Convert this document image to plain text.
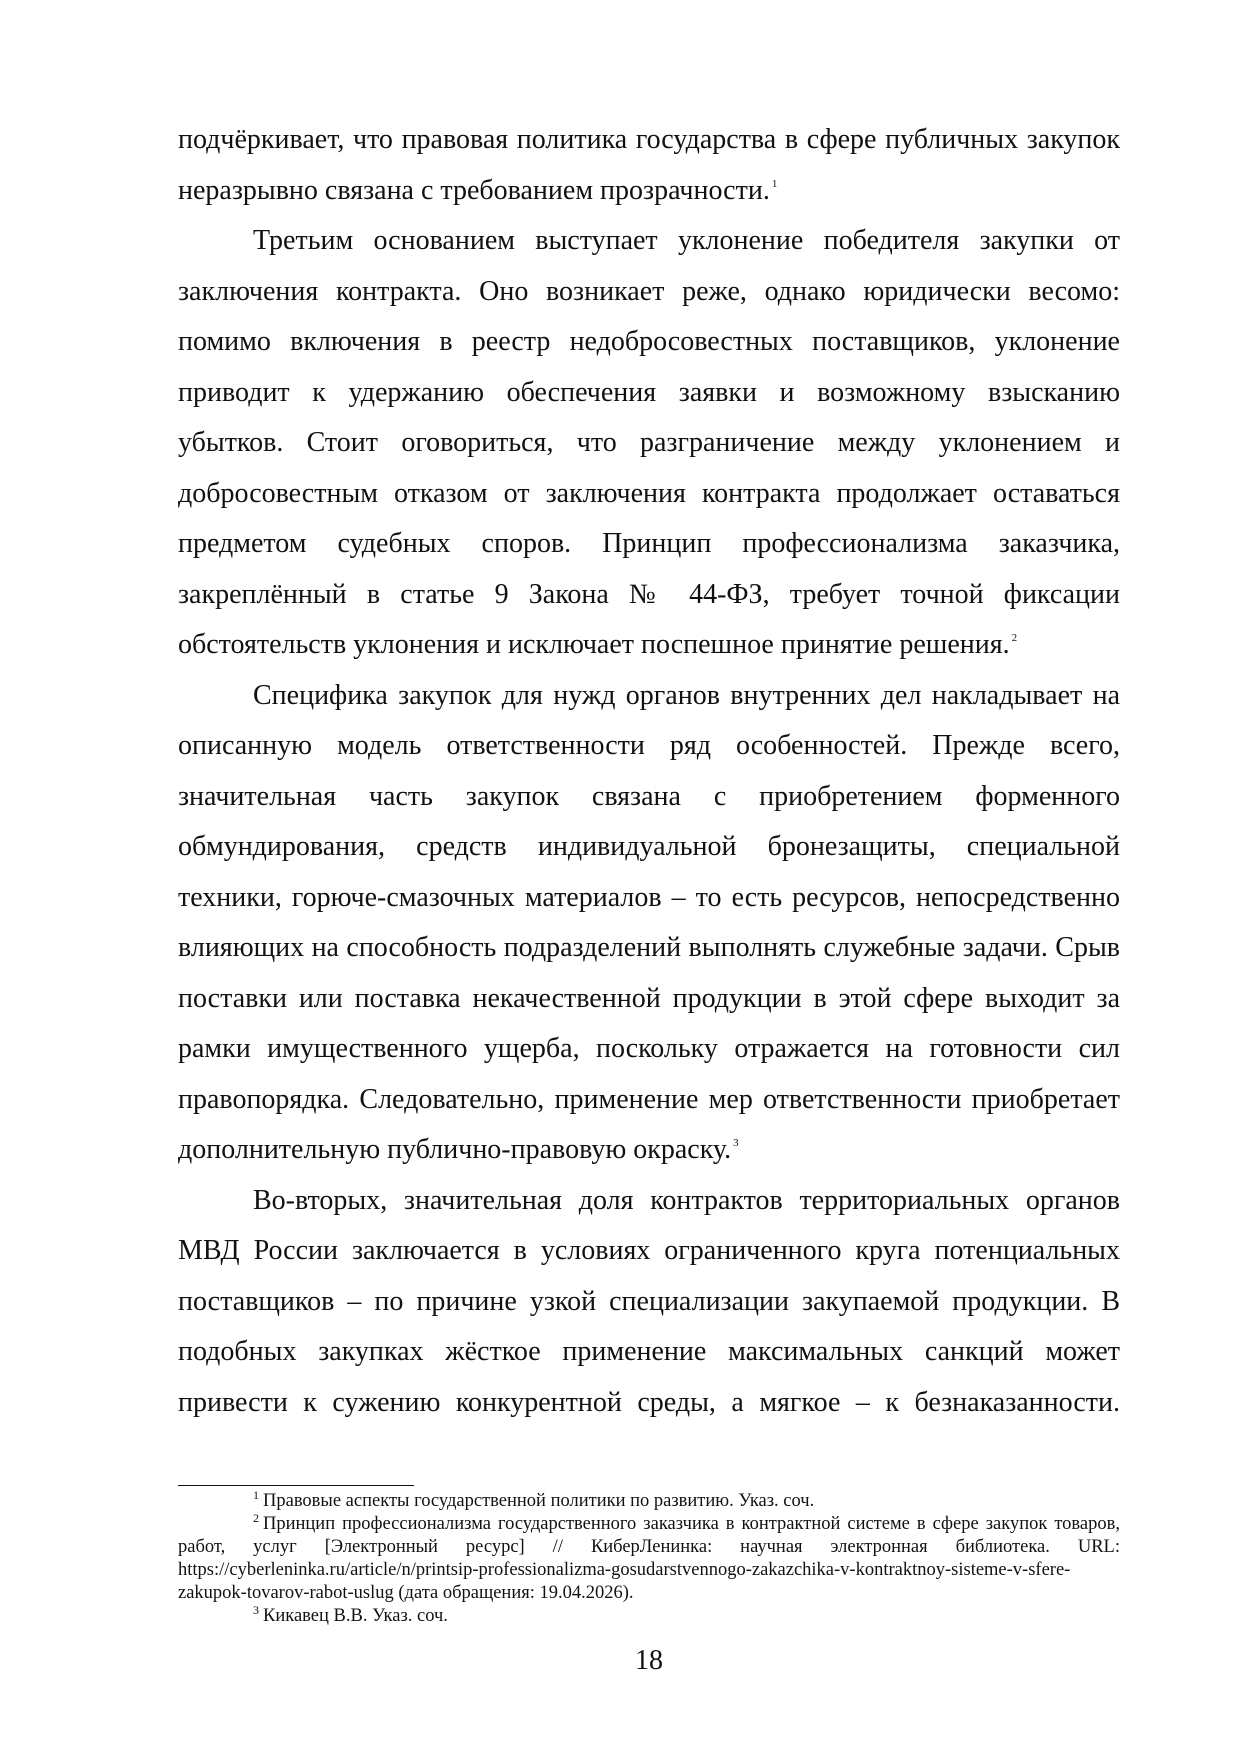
подчёркивает, что правовая политика государства в сфере публичных закупок неразрывно связана с требованием прозрачности. $^1$

Третьим основанием выступает уклонение победителя закупки от заключения контракта. Оно возникает реже, однако юридически весомо: помимо включения в реестр недобросовестных поставщиков, уклонение приводит к удержанию обеспечения заявки и возможному взысканию убытков. Стоит оговориться, что разграничение между уклонением и добросовестным отказом от заключения контракта продолжает оставаться предметом судебных споров. Принцип профессионализма заказчика, закреплённый в статье 9 Закона № 44-ФЗ, требует точной фиксации обстоятельств уклонения и исключает поспешное принятие решения. $^2$

Специфика закупок для нужд органов внутренних дел накладывает на описанную модель ответственности ряд особенностей. Прежде всего, значительная часть закупок связана с приобретением форменного обмундирования, средств индивидуальной бронезащиты, специальной техники, горюче-смазочных материалов – то есть ресурсов, непосредственно влияющих на способность подразделений выполнять служебные задачи. Срыв поставки или поставка некачественной продукции в этой сфере выходит за рамки имущественного ущерба, поскольку отражается на готовности сил правопорядка. Следовательно, применение мер ответственности приобретает дополнительную публично-правовую окраску. $^3$

Во-вторых, значительная доля контрактов территориальных органов МВД России заключается в условиях ограниченного круга потенциальных поставщиков – по причине узкой специализации закупаемой продукции. В подобных закупках жёсткое применение максимальных санкций может привести к сужению конкурентной среды, а мягкое – к безнаказанности.

$^1$ Правовые аспекты государственной политики по развитию. Указ. соч.

$^2$ Принцип профессионализма государственного заказчика в контрактной системе в сфере закупок товаров, работ, услуг [Электронный ресурс] // КиберЛенинка: научная электронная библиотека. URL: https://cyberleninka.ru/article/n/printsip-professionalizma-gosudarstvennogo-zakazchika-v-kontraktnoy-sisteme-v-sfere-zakupok-tovarov-rabot-uslug (дата обращения: 19.04.2026).

$^3$ Кикавец В.В. Указ. соч.

18
